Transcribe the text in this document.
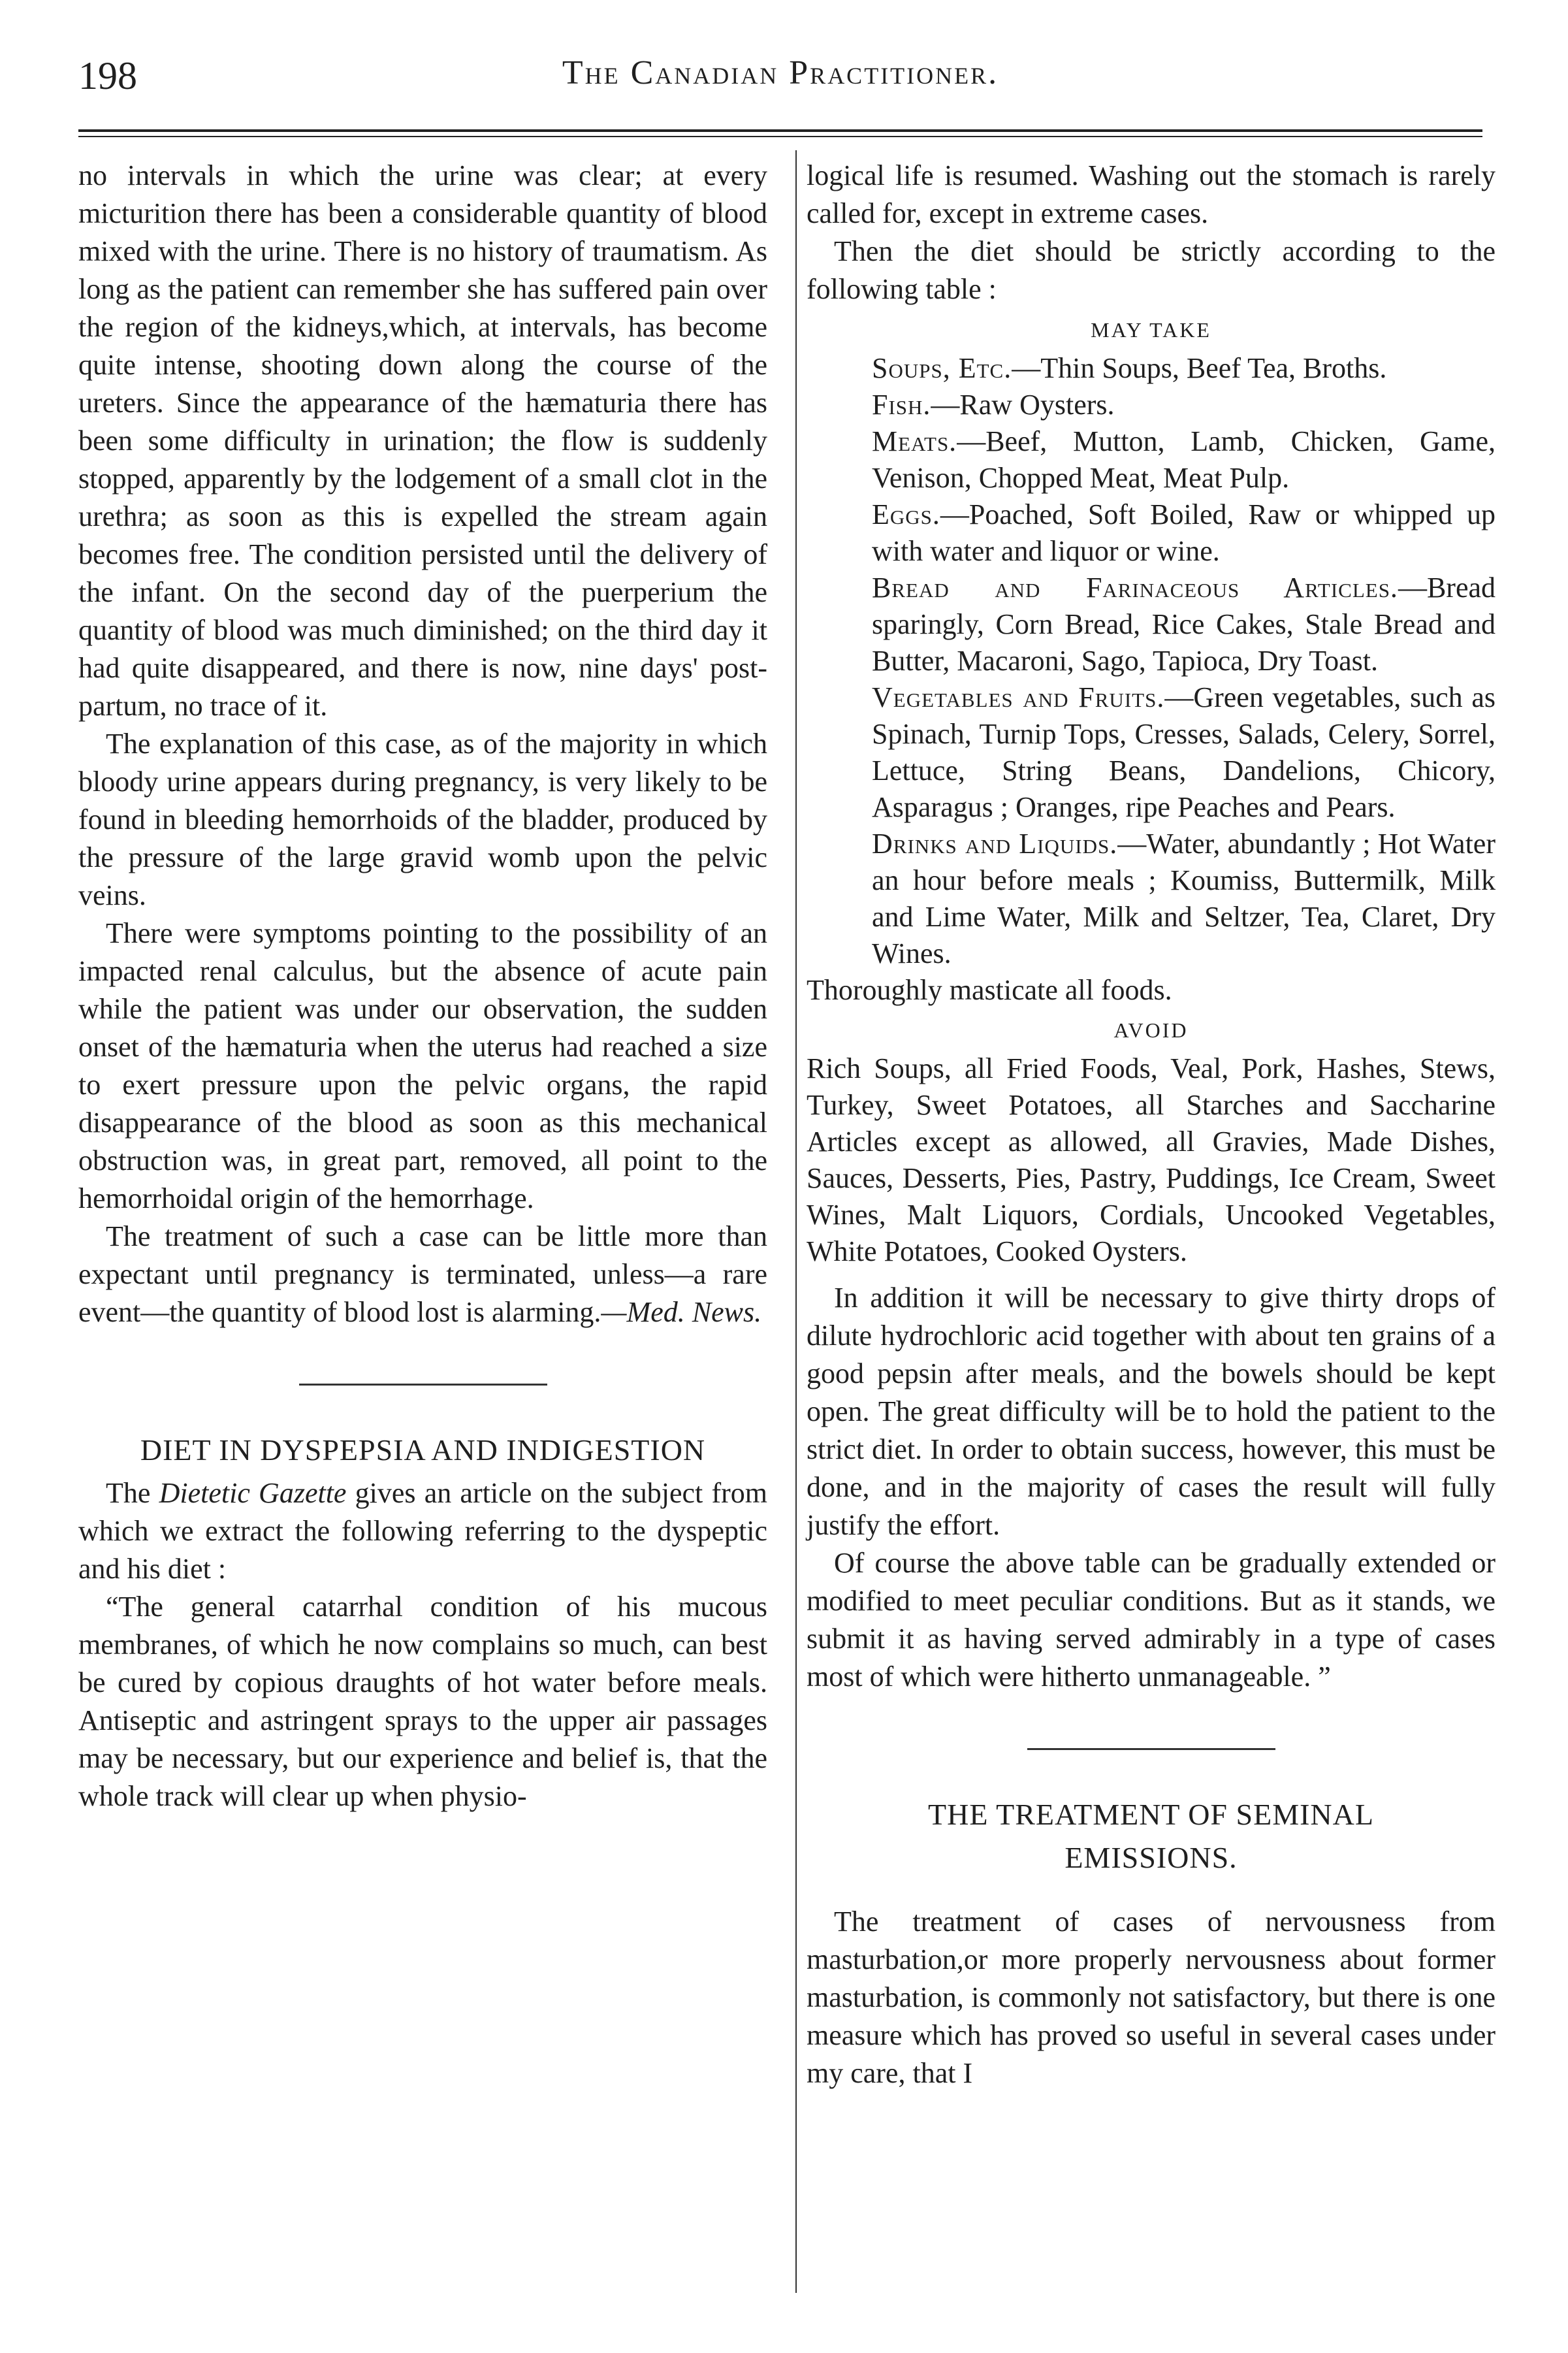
198	The Canadian Practitioner.

no intervals in which the urine was clear; at every micturition there has been a considerable quantity of blood mixed with the urine. There is no history of traumatism. As long as the patient can remember she has suffered pain over the region of the kidneys,which, at intervals, has become quite intense, shooting down along the course of the ureters. Since the appearance of the hæmaturia there has been some difficulty in urination; the flow is suddenly stopped, apparently by the lodgement of a small clot in the urethra; as soon as this is expelled the stream again becomes free. The condition persisted until the delivery of the infant. On the second day of the puerperium the quantity of blood was much diminished; on the third day it had quite disappeared, and there is now, nine days' post-partum, no trace of it.

The explanation of this case, as of the majority in which bloody urine appears during pregnancy, is very likely to be found in bleeding hemorrhoids of the bladder, produced by the pressure of the large gravid womb upon the pelvic veins.

There were symptoms pointing to the possibility of an impacted renal calculus, but the absence of acute pain while the patient was under our observation, the sudden onset of the hæmaturia when the uterus had reached a size to exert pressure upon the pelvic organs, the rapid disappearance of the blood as soon as this mechanical obstruction was, in great part, removed, all point to the hemorrhoidal origin of the hemorrhage.

The treatment of such a case can be little more than expectant until pregnancy is terminated, unless—a rare event—the quantity of blood lost is alarming.—Med. News.

DIET IN DYSPEPSIA AND INDIGESTION

The Dietetic Gazette gives an article on the subject from which we extract the following referring to the dyspeptic and his diet :

“The general catarrhal condition of his mucous membranes, of which he now complains so much, can best be cured by copious draughts of hot water before meals. Antiseptic and astringent sprays to the upper air passages may be necessary, but our experience and belief is, that the whole track will clear up when physio-

logical life is resumed. Washing out the stomach is rarely called for, except in extreme cases.

Then the diet should be strictly according to the following table :

MAY TAKE

Soups, Etc.—Thin Soups, Beef Tea, Broths.

Fish.—Raw Oysters.

Meats.—Beef, Mutton, Lamb, Chicken, Game, Venison, Chopped Meat, Meat Pulp.

Eggs.—Poached, Soft Boiled, Raw or whipped up with water and liquor or wine.

Bread and Farinaceous Articles.—Bread sparingly, Corn Bread, Rice Cakes, Stale Bread and Butter, Macaroni, Sago, Tapioca, Dry Toast.

Vegetables and Fruits.—Green vegetables, such as Spinach, Turnip Tops, Cresses, Salads, Celery, Sorrel, Lettuce, String Beans, Dandelions, Chicory, Asparagus ; Oranges, ripe Peaches and Pears.

Drinks and Liquids.—Water, abundantly ; Hot Water an hour before meals ; Koumiss, Buttermilk, Milk and Lime Water, Milk and Seltzer, Tea, Claret, Dry Wines.

Thoroughly masticate all foods.

AVOID

Rich Soups, all Fried Foods, Veal, Pork, Hashes, Stews, Turkey, Sweet Potatoes, all Starches and Saccharine Articles except as allowed, all Gravies, Made Dishes, Sauces, Desserts, Pies, Pastry, Puddings, Ice Cream, Sweet Wines, Malt Liquors, Cordials, Uncooked Vegetables, White Potatoes, Cooked Oysters.

In addition it will be necessary to give thirty drops of dilute hydrochloric acid together with about ten grains of a good pepsin after meals, and the bowels should be kept open. The great difficulty will be to hold the patient to the strict diet. In order to obtain success, however, this must be done, and in the majority of cases the result will fully justify the effort.

Of course the above table can be gradually extended or modified to meet peculiar conditions. But as it stands, we submit it as having served admirably in a type of cases most of which were hitherto unmanageable. ”

THE TREATMENT OF SEMINAL
EMISSIONS.

The treatment of cases of nervousness from masturbation,or more properly nervousness about former masturbation, is commonly not satisfactory, but there is one measure which has proved so useful in several cases under my care, that I
